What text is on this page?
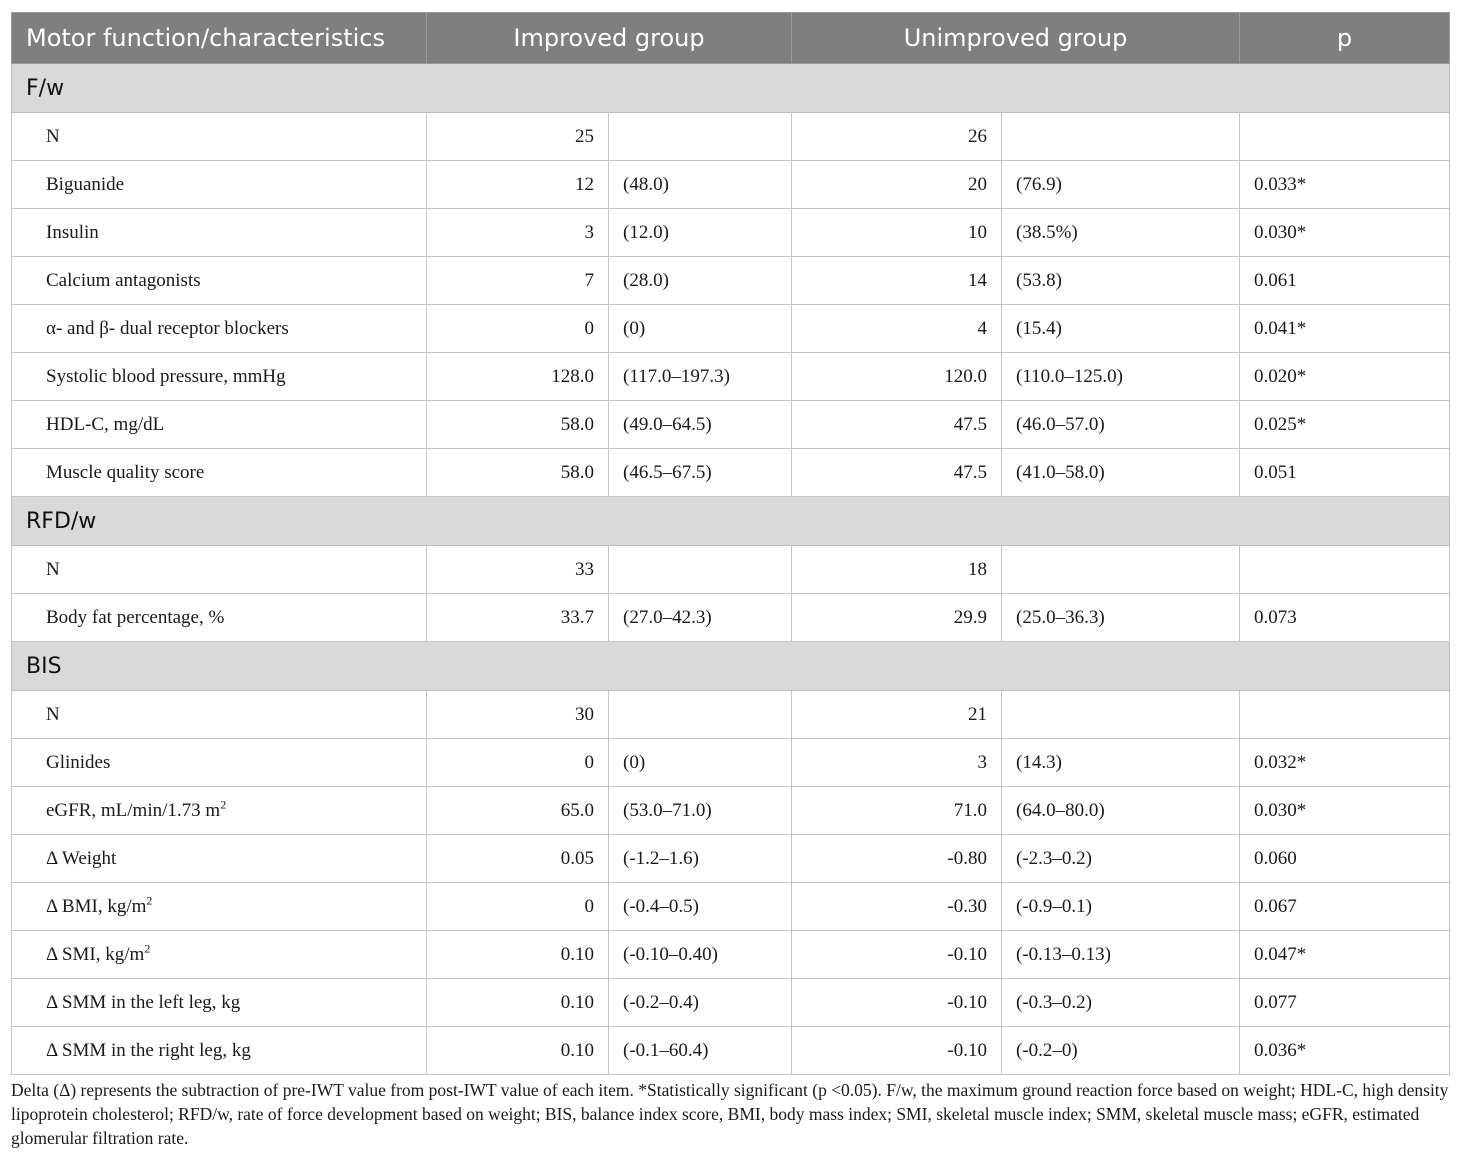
Motor function/characteristics	Improved group		Unimproved group		p
F/w					
N	25		26		
Biguanide	12	(48.0)	20	(76.9)	0.033*
Insulin	3	(12.0)	10	(38.5%)	0.030*
Calcium antagonists	7	(28.0)	14	(53.8)	0.061
α- and β- dual receptor blockers	0	(0)	4	(15.4)	0.041*
Systolic blood pressure, mmHg	128.0	(117.0–197.3)	120.0	(110.0–125.0)	0.020*
HDL-C, mg/dL	58.0	(49.0–64.5)	47.5	(46.0–57.0)	0.025*
Muscle quality score	58.0	(46.5–67.5)	47.5	(41.0–58.0)	0.051
RFD/w					
N	33		18		
Body fat percentage, %	33.7	(27.0–42.3)	29.9	(25.0–36.3)	0.073
BIS					
N	30		21		
Glinides	0	(0)	3	(14.3)	0.032*
eGFR, mL/min/1.73 $m^2$	65.0	(53.0–71.0)	71.0	(64.0–80.0)	0.030*
Δ Weight	0.05	(-1.2–1.6)	-0.80	(-2.3–0.2)	0.060
Δ BMI, $kg/m^2$	0	(-0.4–0.5)	-0.30	(-0.9–0.1)	0.067
Δ SMI, $kg/m^2$	0.10	(-0.10–0.40)	-0.10	(-0.13–0.13)	0.047*
Δ SMM in the left leg, kg	0.10	(-0.2–0.4)	-0.10	(-0.3–0.2)	0.077
Δ SMM in the right leg, kg	0.10	(-0.1–60.4)	-0.10	(-0.2–0)	0.036*
Delta (Δ) represents the subtraction of pre-IWT value from post-IWT value of each item. *Statistically significant (p <0.05). F/w, the maximum ground reaction force based on weight; HDL-C, high density lipoprotein cholesterol; RFD/w, rate of force development based on weight; BIS, balance index score, BMI, body mass index; SMI, skeletal muscle index; SMM, skeletal muscle mass; eGFR, estimated glomerular filtration rate.
